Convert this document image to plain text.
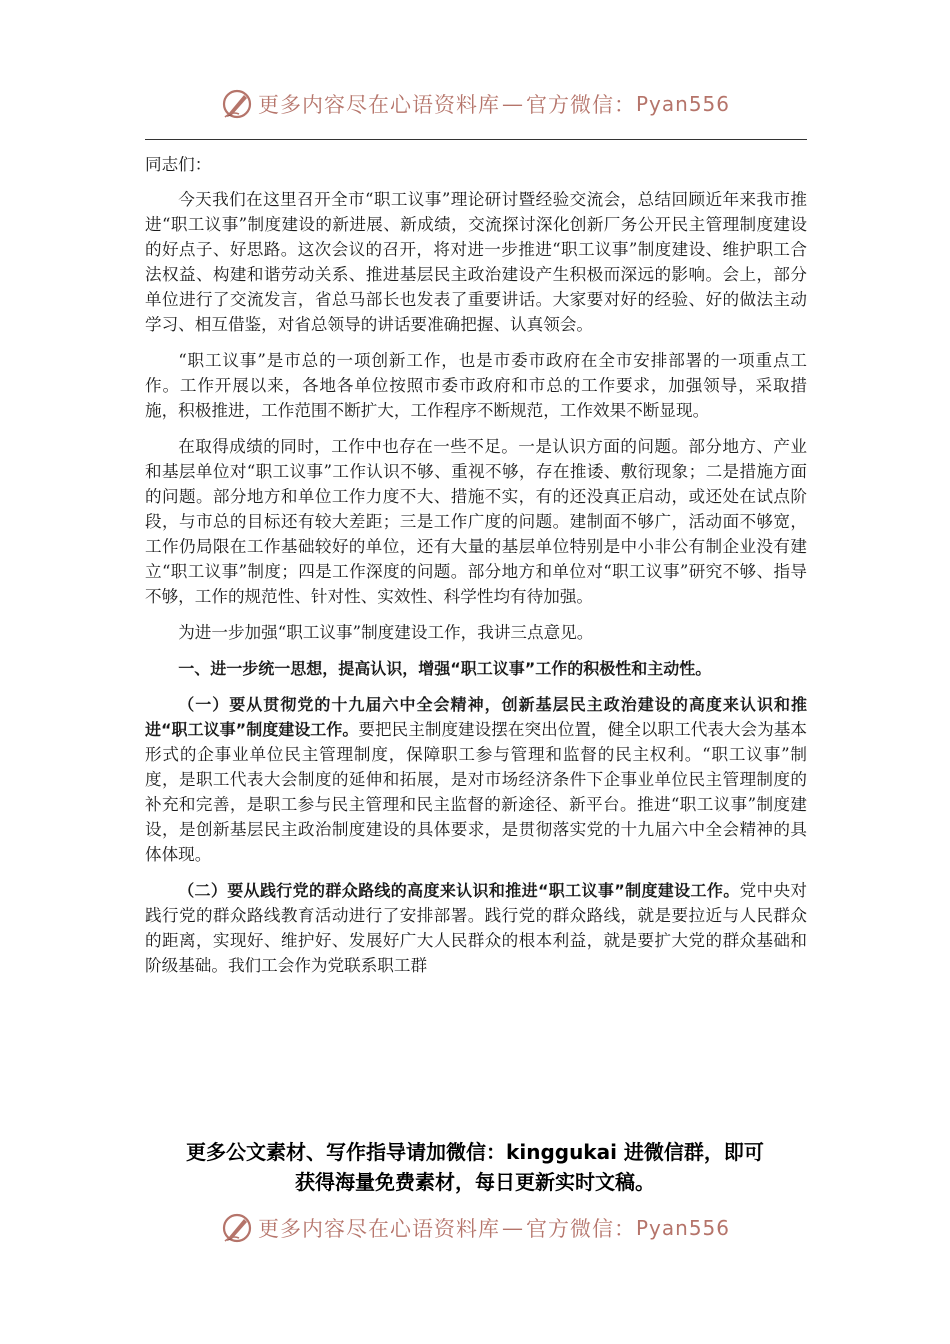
更多内容尽在心语资料库 — 官方微信： Pyan556

同志们：

今天我们在这里召开全市“职工议事”理论研讨暨经验交流会，总结回顾近年来我市推进“职工议事”制度建设的新进展、新成绩，交流探讨深化创新厂务公开民主管理制度建设的好点子、好思路。这次会议的召开，将对进一步推进“职工议事”制度建设、维护职工合法权益、构建和谐劳动关系、推进基层民主政治建设产生积极而深远的影响。会上，部分单位进行了交流发言，省总马部长也发表了重要讲话。大家要对好的经验、好的做法主动学习、相互借鉴，对省总领导的讲话要准确把握、认真领会。

“职工议事”是市总的一项创新工作，也是市委市政府在全市安排部署的一项重点工作。工作开展以来，各地各单位按照市委市政府和市总的工作要求，加强领导，采取措施，积极推进，工作范围不断扩大，工作程序不断规范，工作效果不断显现。

在取得成绩的同时，工作中也存在一些不足。一是认识方面的问题。部分地方、产业和基层单位对“职工议事”工作认识不够、重视不够，存在推诿、敷衍现象；二是措施方面的问题。部分地方和单位工作力度不大、措施不实，有的还没真正启动，或还处在试点阶段，与市总的目标还有较大差距；三是工作广度的问题。建制面不够广，活动面不够宽，工作仍局限在工作基础较好的单位，还有大量的基层单位特别是中小非公有制企业没有建立“职工议事”制度；四是工作深度的问题。部分地方和单位对“职工议事”研究不够、指导不够，工作的规范性、针对性、实效性、科学性均有待加强。

为进一步加强“职工议事”制度建设工作，我讲三点意见。

一、进一步统一思想，提高认识，增强“职工议事”工作的积极性和主动性。

（一）要从贯彻党的十九届六中全会精神，创新基层民主政治建设的高度来认识和推进“职工议事”制度建设工作。要把民主制度建设摆在突出位置，健全以职工代表大会为基本形式的企事业单位民主管理制度，保障职工参与管理和监督的民主权利。“职工议事”制度，是职工代表大会制度的延伸和拓展，是对市场经济条件下企事业单位民主管理制度的补充和完善，是职工参与民主管理和民主监督的新途径、新平台。推进“职工议事”制度建设，是创新基层民主政治制度建设的具体要求，是贯彻落实党的十九届六中全会精神的具体体现。

（二）要从践行党的群众路线的高度来认识和推进“职工议事”制度建设工作。党中央对践行党的群众路线教育活动进行了安排部署。践行党的群众路线，就是要拉近与人民群众的距离，实现好、维护好、发展好广大人民群众的根本利益，就是要扩大党的群众基础和阶级基础。我们工会作为党联系职工群

更多公文素材、写作指导请加微信：kinggukai 进微信群，即可
获得海量免费素材，每日更新实时文稿。
更多内容尽在心语资料库 — 官方微信： Pyan556
